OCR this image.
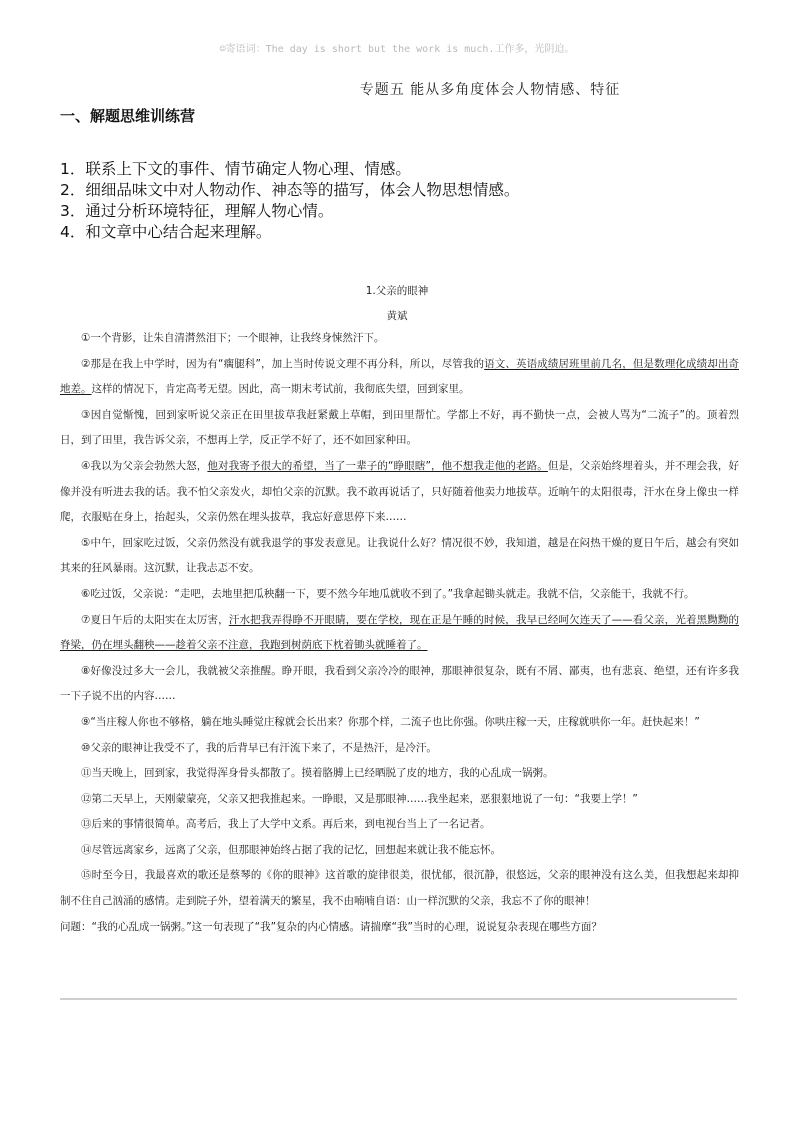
☺寄语词：The day is short but the work is much.工作多，光阴迫。
专题五 能从多角度体会人物情感、特征
一、解题思维训练营
1．联系上下文的事件、情节确定人物心理、情感。
2．细细品味文中对人物动作、神态等的描写，体会人物思想情感。
3．通过分析环境特征，理解人物心情。
4．和文章中心结合起来理解。
1.父亲的眼神
黄斌

①一个背影，让朱自清潸然泪下；一个眼神，让我终身悚然汗下。

②那是在我上中学时，因为有“瘸腿科”，加上当时传说文理不再分科，所以，尽管我的语文、英语成绩居班里前几名，但是数理化成绩却出奇地差。这样的情况下，肯定高考无望。因此，高一期末考试前，我彻底失望，回到家里。

③因自觉惭愧，回到家听说父亲正在田里拔草我赶紧戴上草帽，到田里帮忙。学都上不好，再不勤快一点，会被人骂为“二流子”的。顶着烈日，到了田里，我告诉父亲，不想再上学，反正学不好了，还不如回家种田。

④我以为父亲会勃然大怒，他对我寄予很大的希望，当了一辈子的“睁眼瞎”，他不想我走他的老路。但是，父亲始终埋着头，并不理会我，好像并没有听进去我的话。我不怕父亲发火，却怕父亲的沉默。我不敢再说话了，只好随着他卖力地拔草。近晌午的太阳很毒，汗水在身上像虫一样爬，衣服贴在身上，抬起头，父亲仍然在埋头拔草，我忘好意思停下来……

⑤中午，回家吃过饭，父亲仍然没有就我退学的事发表意见。让我说什么好？情况很不妙，我知道，越是在闷热干燥的夏日午后，越会有突如其来的狂风暴雨。这沉默，让我忐忑不安。

⑥吃过饭，父亲说：“走吧，去地里把瓜秧翻一下，要不然今年地瓜就收不到了。”我拿起锄头就走。我就不信，父亲能干，我就不行。

⑦夏日午后的太阳实在太厉害，汗水把我弄得睁不开眼睛，要在学校，现在正是午睡的时候，我早已经呵欠连天了——看父亲，光着黑黝黝的脊梁，仍在埋头翻秧——趁着父亲不注意，我跑到树荫底下枕着锄头就睡着了。

⑧好像没过多大一会儿，我就被父亲推醒。睁开眼，我看到父亲冷冷的眼神，那眼神很复杂，既有不屑、鄙夷，也有悲哀、绝望，还有许多我一下子说不出的内容……

⑨“当庄稼人你也不够格，躺在地头睡觉庄稼就会长出来？你那个样，二流子也比你强。你哄庄稼一天，庄稼就哄你一年。赶快起来！”

⑩父亲的眼神让我受不了，我的后背早已有汗流下来了，不是热汗，是冷汗。

⑪当天晚上，回到家，我觉得浑身骨头都散了。摸着胳膊上已经晒脱了皮的地方，我的心乱成一锅粥。

⑫第二天早上，天刚蒙蒙亮，父亲又把我推起来。一睁眼，又是那眼神……我坐起来，恶狠狠地说了一句：“我要上学！”

⑬后来的事情很简单。高考后，我上了大学中文系。再后来，到电视台当上了一名记者。

⑭尽管远离家乡，远离了父亲，但那眼神始终占据了我的记忆，回想起来就让我不能忘怀。

⑮时至今日，我最喜欢的歌还是蔡琴的《你的眼神》这首歌的旋律很美，很忧郁，很沉静，很悠远，父亲的眼神没有这么美，但我想起来却抑制不住自己汹涌的感情。走到院子外，望着满天的繁星，我不由喃喃自语：山一样沉默的父亲，我忘不了你的眼神！

问题：“我的心乱成一锅粥。”这一句表现了“我”复杂的内心情感。请揣摩“我”当时的心理，说说复杂表现在哪些方面？
